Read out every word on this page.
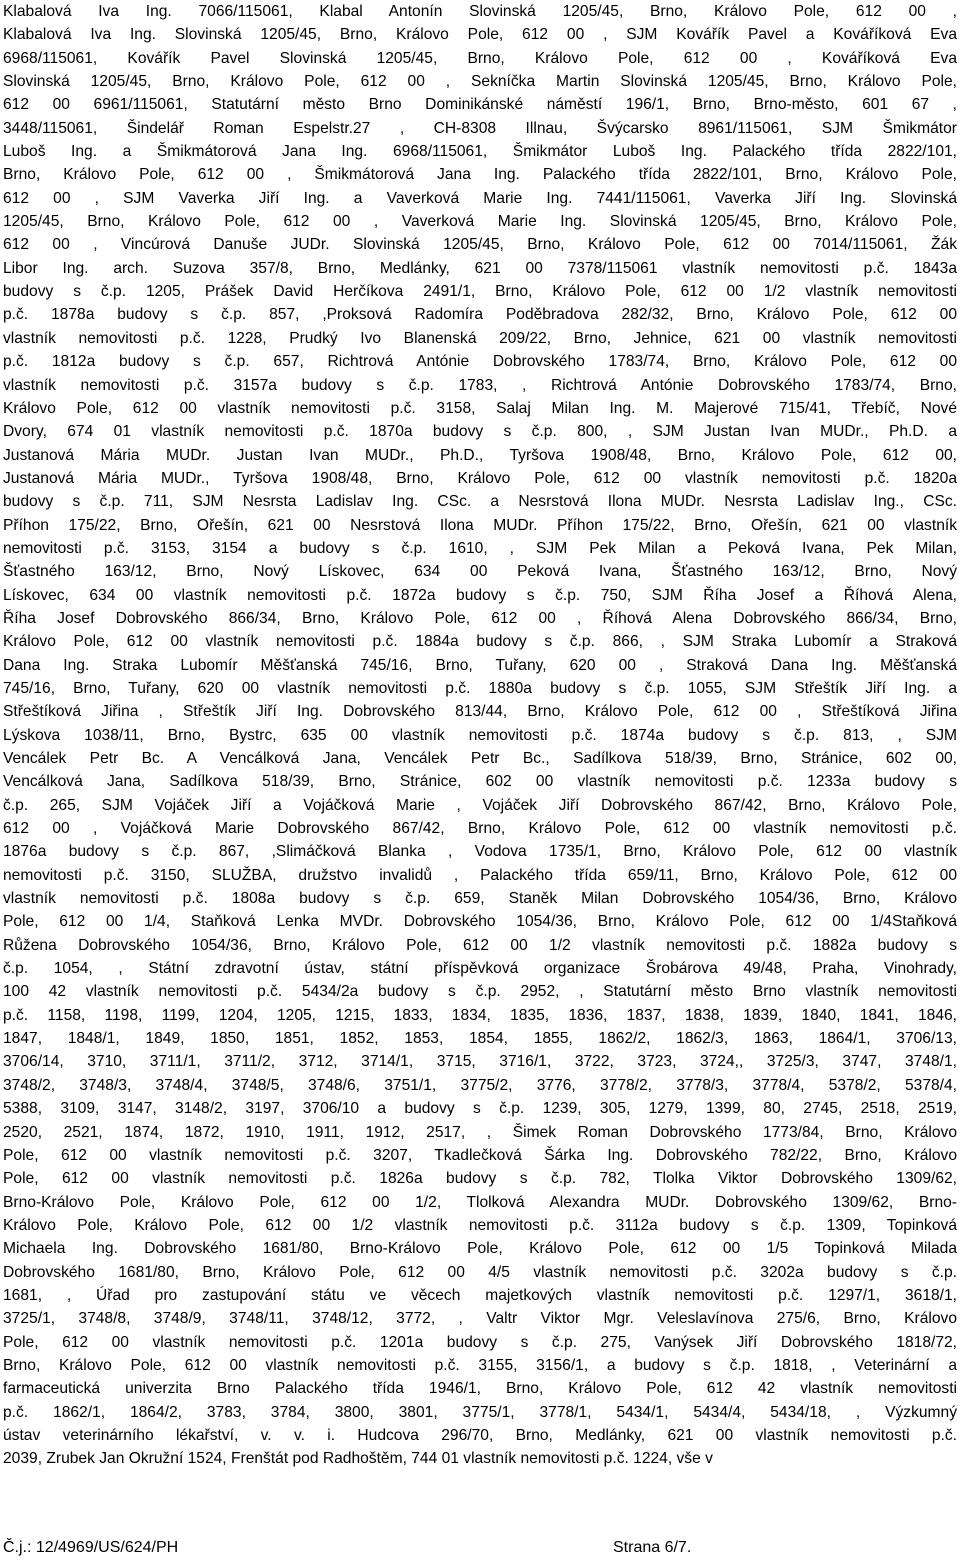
Klabalová Iva Ing. 7066/115061, Klabal Antonín Slovinská 1205/45, Brno, Královo Pole, 612 00 ,
Klabalová Iva Ing. Slovinská 1205/45, Brno, Královo Pole, 612 00 , SJM Kovářík Pavel a Kováříková Eva
6968/115061, Kovářík Pavel Slovinská 1205/45, Brno, Královo Pole, 612 00 , Kováříková Eva
Slovinská 1205/45, Brno, Královo Pole, 612 00 , Sekníčka Martin Slovinská 1205/45, Brno, Královo Pole,
612 00 6961/115061, Statutární město Brno Dominikánské náměstí 196/1, Brno, Brno-město, 601 67 ,
3448/115061, Šindelář Roman Espelstr.27 , CH-8308 Illnau, Švýcarsko 8961/115061, SJM Šmikmátor
Luboš Ing. a Šmikmátorová Jana Ing. 6968/115061, Šmikmátor Luboš Ing. Palackého třída 2822/101,
Brno, Královo Pole, 612 00 , Šmikmátorová Jana Ing. Palackého třída 2822/101, Brno, Královo Pole,
612 00 , SJM Vaverka Jiří Ing. a Vaverková Marie Ing. 7441/115061, Vaverka Jiří Ing. Slovinská
1205/45, Brno, Královo Pole, 612 00 , Vaverková Marie Ing. Slovinská 1205/45, Brno, Královo Pole,
612 00 , Vincúrová Danuše JUDr. Slovinská 1205/45, Brno, Královo Pole, 612 00 7014/115061, Žák
Libor Ing. arch. Suzova 357/8, Brno, Medlánky, 621 00 7378/115061 vlastník nemovitosti p.č. 1843a
budovy s č.p. 1205, Prášek David Herčíkova 2491/1, Brno, Královo Pole, 612 00 1/2 vlastník nemovitosti
p.č. 1878a budovy s č.p. 857, ,Proksová Radomíra Poděbradova 282/32, Brno, Královo Pole, 612 00
vlastník nemovitosti p.č. 1228, Prudký Ivo Blanenská 209/22, Brno, Jehnice, 621 00 vlastník nemovitosti
p.č. 1812a budovy s č.p. 657, Richtrová Antónie Dobrovského 1783/74, Brno, Královo Pole, 612 00
vlastník nemovitosti p.č. 3157a budovy s č.p. 1783, , Richtrová Antónie Dobrovského 1783/74, Brno,
Královo Pole, 612 00 vlastník nemovitosti p.č. 3158, Salaj Milan Ing. M. Majerové 715/41, Třebíč, Nové
Dvory, 674 01 vlastník nemovitosti p.č. 1870a budovy s č.p. 800, , SJM Justan Ivan MUDr., Ph.D. a
Justanová Mária MUDr. Justan Ivan MUDr., Ph.D., Tyršova 1908/48, Brno, Královo Pole, 612 00,
Justanová Mária MUDr., Tyršova 1908/48, Brno, Královo Pole, 612 00 vlastník nemovitosti p.č. 1820a
budovy s č.p. 711, SJM Nesrsta Ladislav Ing. CSc. a Nesrstová Ilona MUDr. Nesrsta Ladislav Ing., CSc.
Příhon 175/22, Brno, Ořešín, 621 00 Nesrstová Ilona MUDr. Příhon 175/22, Brno, Ořešín, 621 00 vlastník
nemovitosti p.č. 3153, 3154 a budovy s č.p. 1610, , SJM Pek Milan a Peková Ivana, Pek Milan,
Šťastného 163/12, Brno, Nový Lískovec, 634 00 Peková Ivana, Šťastného 163/12, Brno, Nový
Lískovec, 634 00 vlastník nemovitosti p.č. 1872a budovy s č.p. 750, SJM Říha Josef a Říhová Alena,
Říha Josef Dobrovského 866/34, Brno, Královo Pole, 612 00 , Říhová Alena Dobrovského 866/34, Brno,
Královo Pole, 612 00 vlastník nemovitosti p.č. 1884a budovy s č.p. 866, , SJM Straka Lubomír a Straková
Dana Ing. Straka Lubomír Měšťanská 745/16, Brno, Tuřany, 620 00 , Straková Dana Ing. Měšťanská
745/16, Brno, Tuřany, 620 00 vlastník nemovitosti p.č. 1880a budovy s č.p. 1055, SJM Střeštík Jiří Ing. a
Střeštíková Jiřina , Střeštík Jiří Ing. Dobrovského 813/44, Brno, Královo Pole, 612 00 , Střeštíková Jiřina
Lýskova 1038/11, Brno, Bystrc, 635 00 vlastník nemovitosti p.č. 1874a budovy s č.p. 813, , SJM
Vencálek Petr Bc. A Vencálková Jana, Vencálek Petr Bc., Sadílkova 518/39, Brno, Stránice, 602 00,
Vencálková Jana, Sadílkova 518/39, Brno, Stránice, 602 00 vlastník nemovitosti p.č. 1233a budovy s
č.p. 265, SJM Vojáček Jiří a Vojáčková Marie , Vojáček Jiří Dobrovského 867/42, Brno, Královo Pole,
612 00 , Vojáčková Marie Dobrovského 867/42, Brno, Královo Pole, 612 00 vlastník nemovitosti p.č.
1876a budovy s č.p. 867, ,Slimáčková Blanka , Vodova 1735/1, Brno, Královo Pole, 612 00 vlastník
nemovitosti p.č. 3150, SLUŽBA, družstvo invalidů , Palackého třída 659/11, Brno, Královo Pole, 612 00
vlastník nemovitosti p.č. 1808a budovy s č.p. 659, Staněk Milan Dobrovského 1054/36, Brno, Královo
Pole, 612 00 1/4, Staňková Lenka MVDr. Dobrovského 1054/36, Brno, Královo Pole, 612 00 1/4Staňková
Růžena Dobrovského 1054/36, Brno, Královo Pole, 612 00 1/2 vlastník nemovitosti p.č. 1882a budovy s
č.p. 1054, , Státní zdravotní ústav, státní příspěvková organizace Šrobárova 49/48, Praha, Vinohrady,
100 42 vlastník nemovitosti p.č. 5434/2a budovy s č.p. 2952, , Statutární město Brno vlastník nemovitosti
p.č. 1158, 1198, 1199, 1204, 1205, 1215, 1833, 1834, 1835, 1836, 1837, 1838, 1839, 1840, 1841, 1846,
1847, 1848/1, 1849, 1850, 1851, 1852, 1853, 1854, 1855, 1862/2, 1862/3, 1863, 1864/1, 3706/13,
3706/14, 3710, 3711/1, 3711/2, 3712, 3714/1, 3715, 3716/1, 3722, 3723, 3724,, 3725/3, 3747, 3748/1,
3748/2, 3748/3, 3748/4, 3748/5, 3748/6, 3751/1, 3775/2, 3776, 3778/2, 3778/3, 3778/4, 5378/2, 5378/4,
5388, 3109, 3147, 3148/2, 3197, 3706/10 a budovy s č.p. 1239, 305, 1279, 1399, 80, 2745, 2518, 2519,
2520, 2521, 1874, 1872, 1910, 1911, 1912, 2517, , Šimek Roman Dobrovského 1773/84, Brno, Královo
Pole, 612 00 vlastník nemovitosti p.č. 3207, Tkadlečková Šárka Ing. Dobrovského 782/22, Brno, Královo
Pole, 612 00 vlastník nemovitosti p.č. 1826a budovy s č.p. 782, Tlolka Viktor Dobrovského 1309/62,
Brno-Královo Pole, Královo Pole, 612 00 1/2, Tlolková Alexandra MUDr. Dobrovského 1309/62, Brno-
Královo Pole, Královo Pole, 612 00 1/2 vlastník nemovitosti p.č. 3112a budovy s č.p. 1309, Topinková
Michaela Ing. Dobrovského 1681/80, Brno-Královo Pole, Královo Pole, 612 00 1/5 Topinková Milada
Dobrovského 1681/80, Brno, Královo Pole, 612 00 4/5 vlastník nemovitosti p.č. 3202a budovy s č.p.
1681, , Úřad pro zastupování státu ve věcech majetkových vlastník nemovitosti p.č. 1297/1, 3618/1,
3725/1, 3748/8, 3748/9, 3748/11, 3748/12, 3772, , Valtr Viktor Mgr. Veleslavínova 275/6, Brno, Královo
Pole, 612 00 vlastník nemovitosti p.č. 1201a budovy s č.p. 275, Vanýsek Jiří Dobrovského 1818/72,
Brno, Královo Pole, 612 00 vlastník nemovitosti p.č. 3155, 3156/1, a budovy s č.p. 1818, , Veterinární a
farmaceutická univerzita Brno Palackého třída 1946/1, Brno, Královo Pole, 612 42 vlastník nemovitosti
p.č. 1862/1, 1864/2, 3783, 3784, 3800, 3801, 3775/1, 3778/1, 5434/1, 5434/4, 5434/18, , Výzkumný
ústav veterinárního lékařství, v. v. i. Hudcova 296/70, Brno, Medlánky, 621 00 vlastník nemovitosti p.č.
2039, Zrubek Jan Okružní 1524, Frenštát pod Radhoštěm, 744 01 vlastník nemovitosti p.č. 1224, vše v
Č.j.: 12/4969/US/624/PH	Strana 6/7.
